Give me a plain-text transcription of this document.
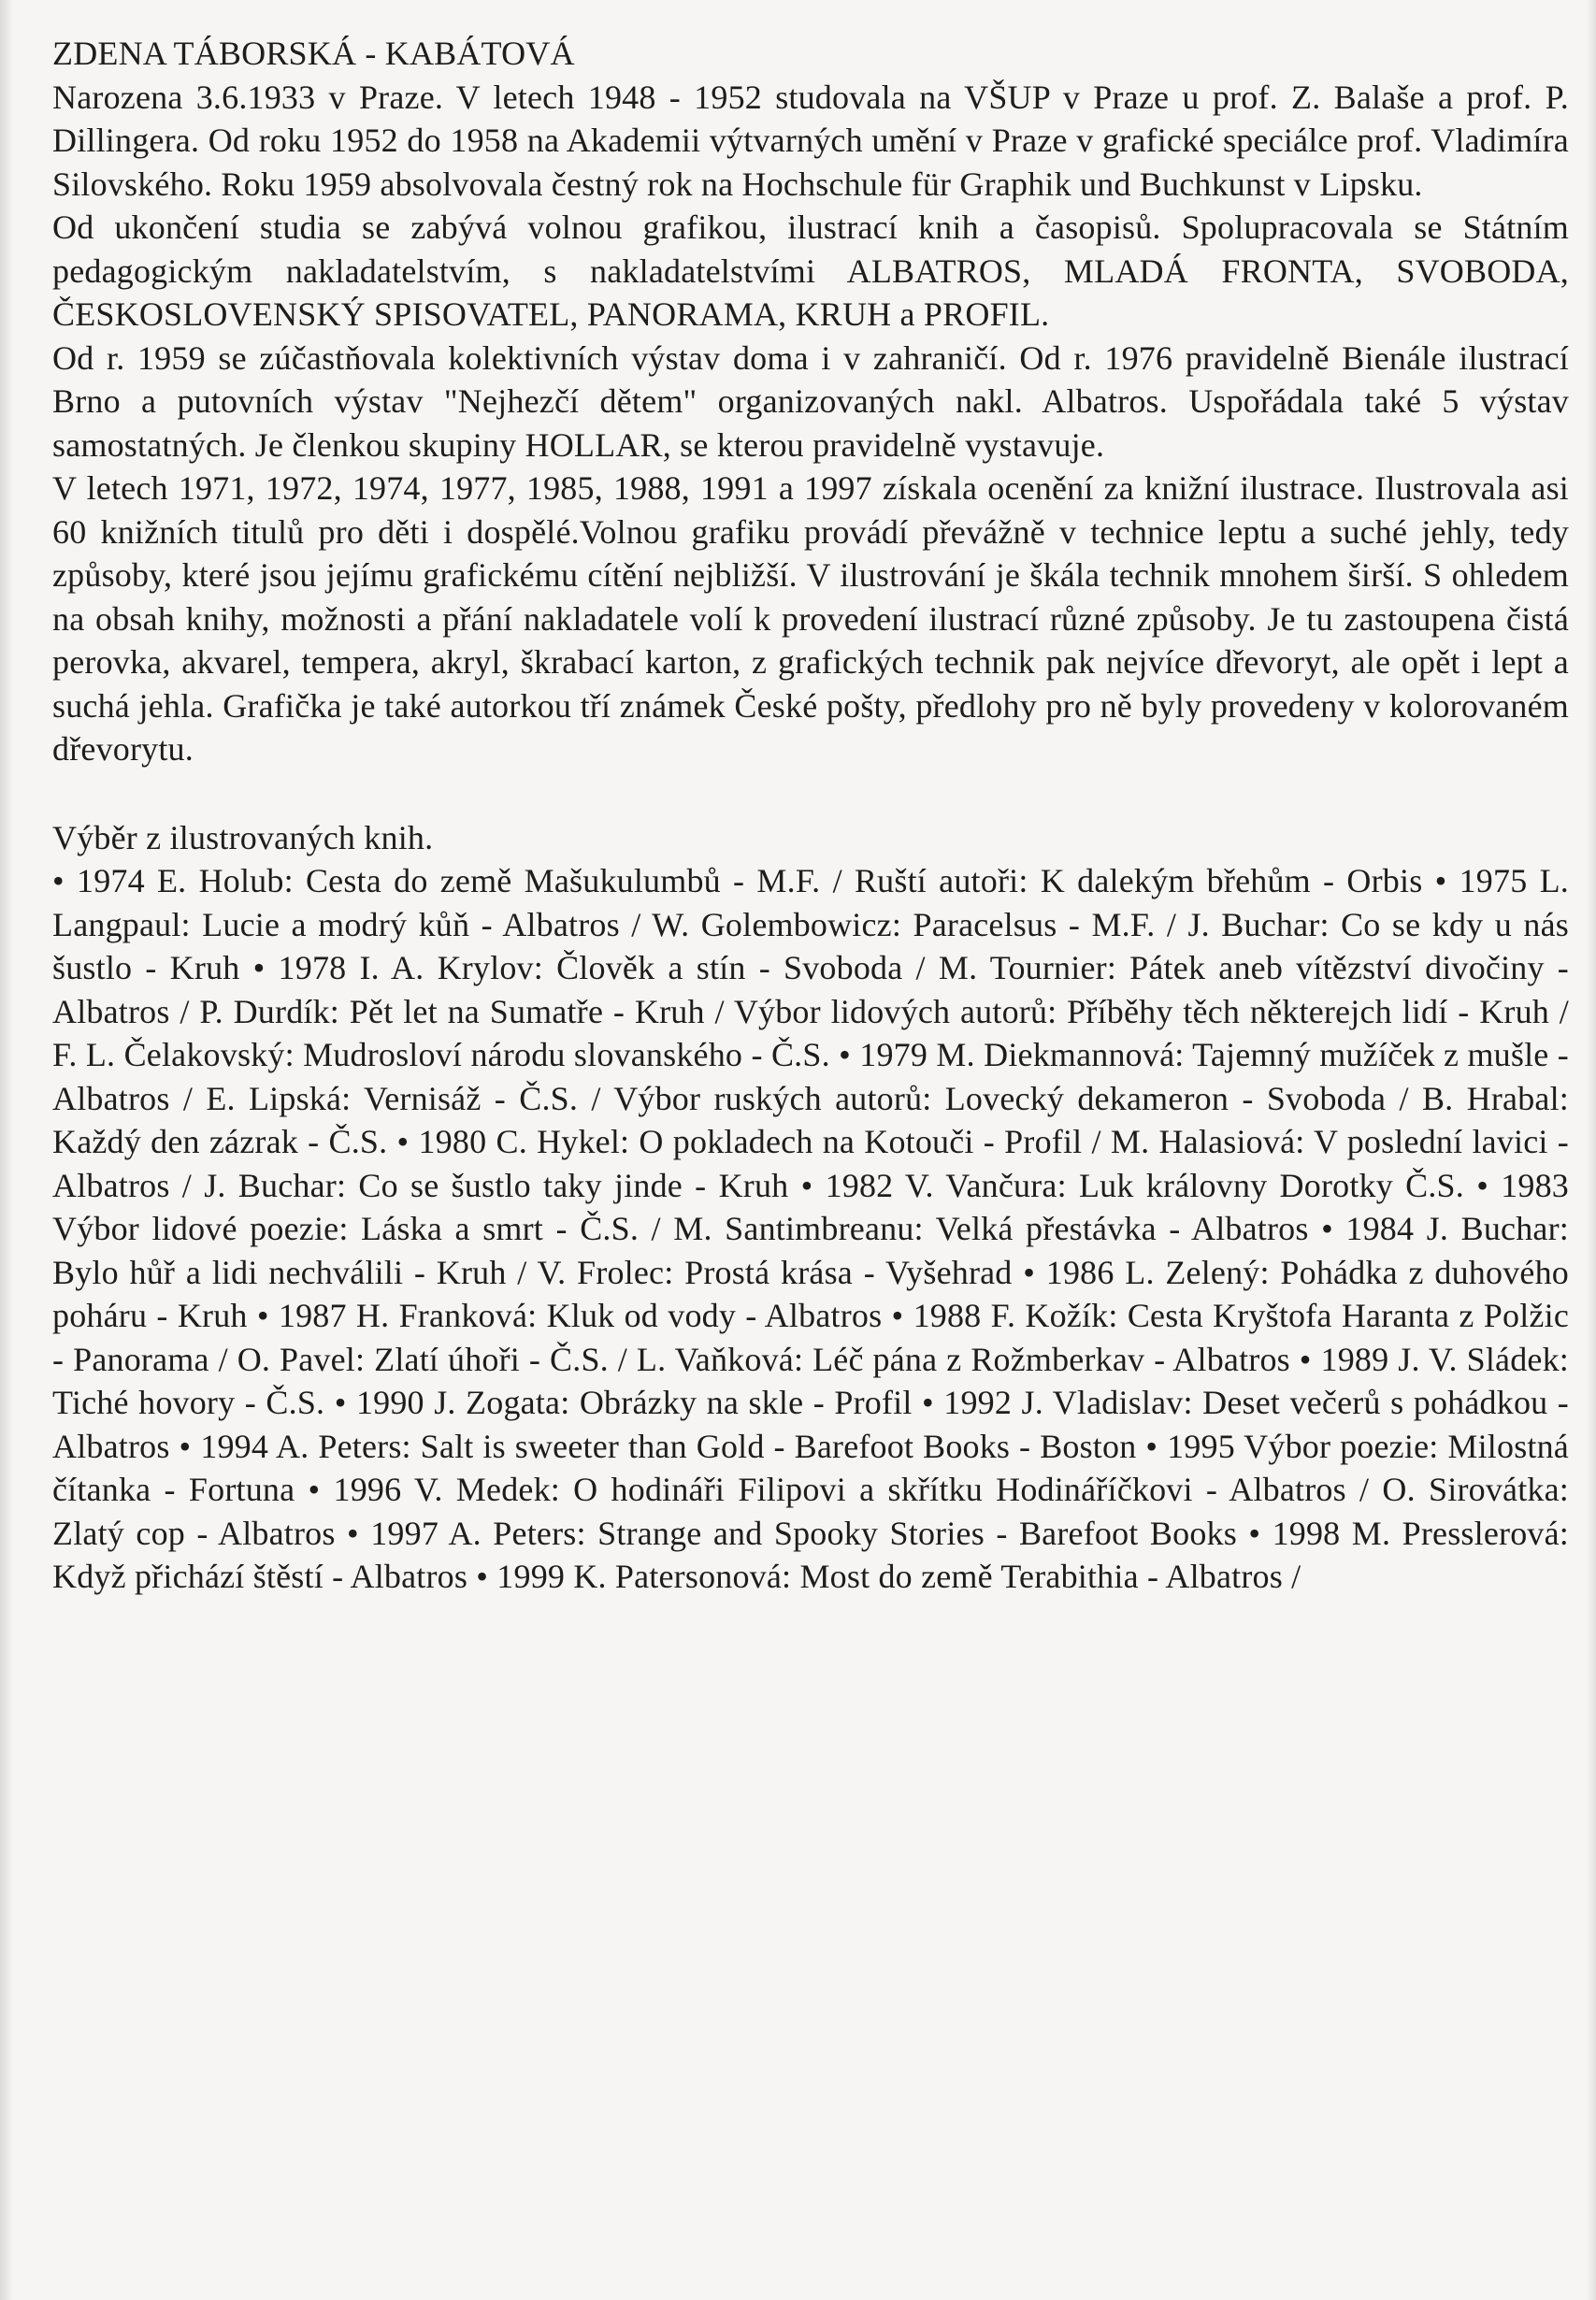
ZDENA TÁBORSKÁ - KABÁTOVÁ

Narozena 3.6.1933 v Praze. V letech 1948 - 1952 studovala na VŠUP v Praze u prof. Z. Balaše a prof. P. Dillingera. Od roku 1952 do 1958 na Akademii výtvarných umění v Praze v grafické speciálce prof. Vladimíra Silovského. Roku 1959 absolvovala čestný rok na Hochschule für Graphik und Buchkunst v Lipsku.

Od ukončení studia se zabývá volnou grafikou, ilustrací knih a časopisů. Spolupracovala se Státním pedagogickým nakladatelstvím, s nakladatelstvími ALBATROS, MLADÁ FRONTA, SVOBODA, ČESKOSLOVENSKÝ SPISOVATEL, PANORAMA, KRUH a PROFIL.

Od r. 1959 se zúčastňovala kolektivních výstav doma i v zahraničí. Od r. 1976 pravidelně Bienále ilustrací Brno a putovních výstav "Nejhezčí dětem" organizovaných nakl. Albatros. Uspořádala také 5 výstav samostatných. Je členkou skupiny HOLLAR, se kterou pravidelně vystavuje.

V letech 1971, 1972, 1974, 1977, 1985, 1988, 1991 a 1997 získala ocenění za knižní ilustrace. Ilustrovala asi 60 knižních titulů pro děti i dospělé.Volnou grafiku provádí převážně v technice leptu a suché jehly, tedy způsoby, které jsou jejímu grafickému cítění nejbližší. V ilustrování je škála technik mnohem širší. S ohledem na obsah knihy, možnosti a přání nakladatele volí k provedení ilustrací různé způsoby. Je tu zastoupena čistá perovka, akvarel, tempera, akryl, škrabací karton, z grafických technik pak nejvíce dřevoryt, ale opět i lept a suchá jehla. Grafička je také autorkou tří známek České pošty, předlohy pro ně byly provedeny v kolorovaném dřevorytu.

Výběr z ilustrovaných knih.

• 1974 E. Holub: Cesta do země Mašukulumbů - M.F. / Ruští autoři: K dalekým břehům - Orbis • 1975 L. Langpaul: Lucie a modrý kůň - Albatros / W. Golembowicz: Paracelsus - M.F. / J. Buchar: Co se kdy u nás šustlo - Kruh • 1978 I. A. Krylov: Člověk a stín - Svoboda / M. Tournier: Pátek aneb vítězství divočiny - Albatros / P. Durdík: Pět let na Sumatře - Kruh / Výbor lidových autorů: Příběhy těch některejch lidí - Kruh / F. L. Čelakovský: Mudrosloví národu slovanského - Č.S. • 1979 M. Diekmannová: Tajemný mužíček z mušle - Albatros / E. Lipská: Vernisáž - Č.S. / Výbor ruských autorů: Lovecký dekameron - Svoboda / B. Hrabal: Každý den zázrak - Č.S. • 1980 C. Hykel: O pokladech na Kotouči - Profil / M. Halasiová: V poslední lavici - Albatros / J. Buchar: Co se šustlo taky jinde - Kruh • 1982 V. Vančura: Luk královny Dorotky Č.S. • 1983 Výbor lidové poezie: Láska a smrt - Č.S. / M. Santimbreanu: Velká přestávka - Albatros • 1984 J. Buchar: Bylo hůř a lidi nechválili - Kruh / V. Frolec: Prostá krása - Vyšehrad • 1986 L. Zelený: Pohádka z duhového poháru - Kruh • 1987 H. Franková: Kluk od vody - Albatros • 1988 F. Kožík: Cesta Kryštofa Haranta z Polžic - Panorama / O. Pavel: Zlatí úhoři - Č.S. / L. Vaňková: Léč pána z Rožmberkav - Albatros • 1989 J. V. Sládek: Tiché hovory - Č.S. • 1990 J. Zogata: Obrázky na skle - Profil • 1992 J. Vladislav: Deset večerů s pohádkou - Albatros • 1994 A. Peters: Salt is sweeter than Gold - Barefoot Books - Boston • 1995 Výbor poezie: Milostná čítanka - Fortuna • 1996 V. Medek: O hodináři Filipovi a skřítku Hodináříčkovi - Albatros / O. Sirovátka: Zlatý cop - Albatros • 1997 A. Peters: Strange and Spooky Stories - Barefoot Books • 1998 M. Presslerová: Když přichází štěstí - Albatros • 1999 K. Patersonová: Most do země Terabithia - Albatros /
